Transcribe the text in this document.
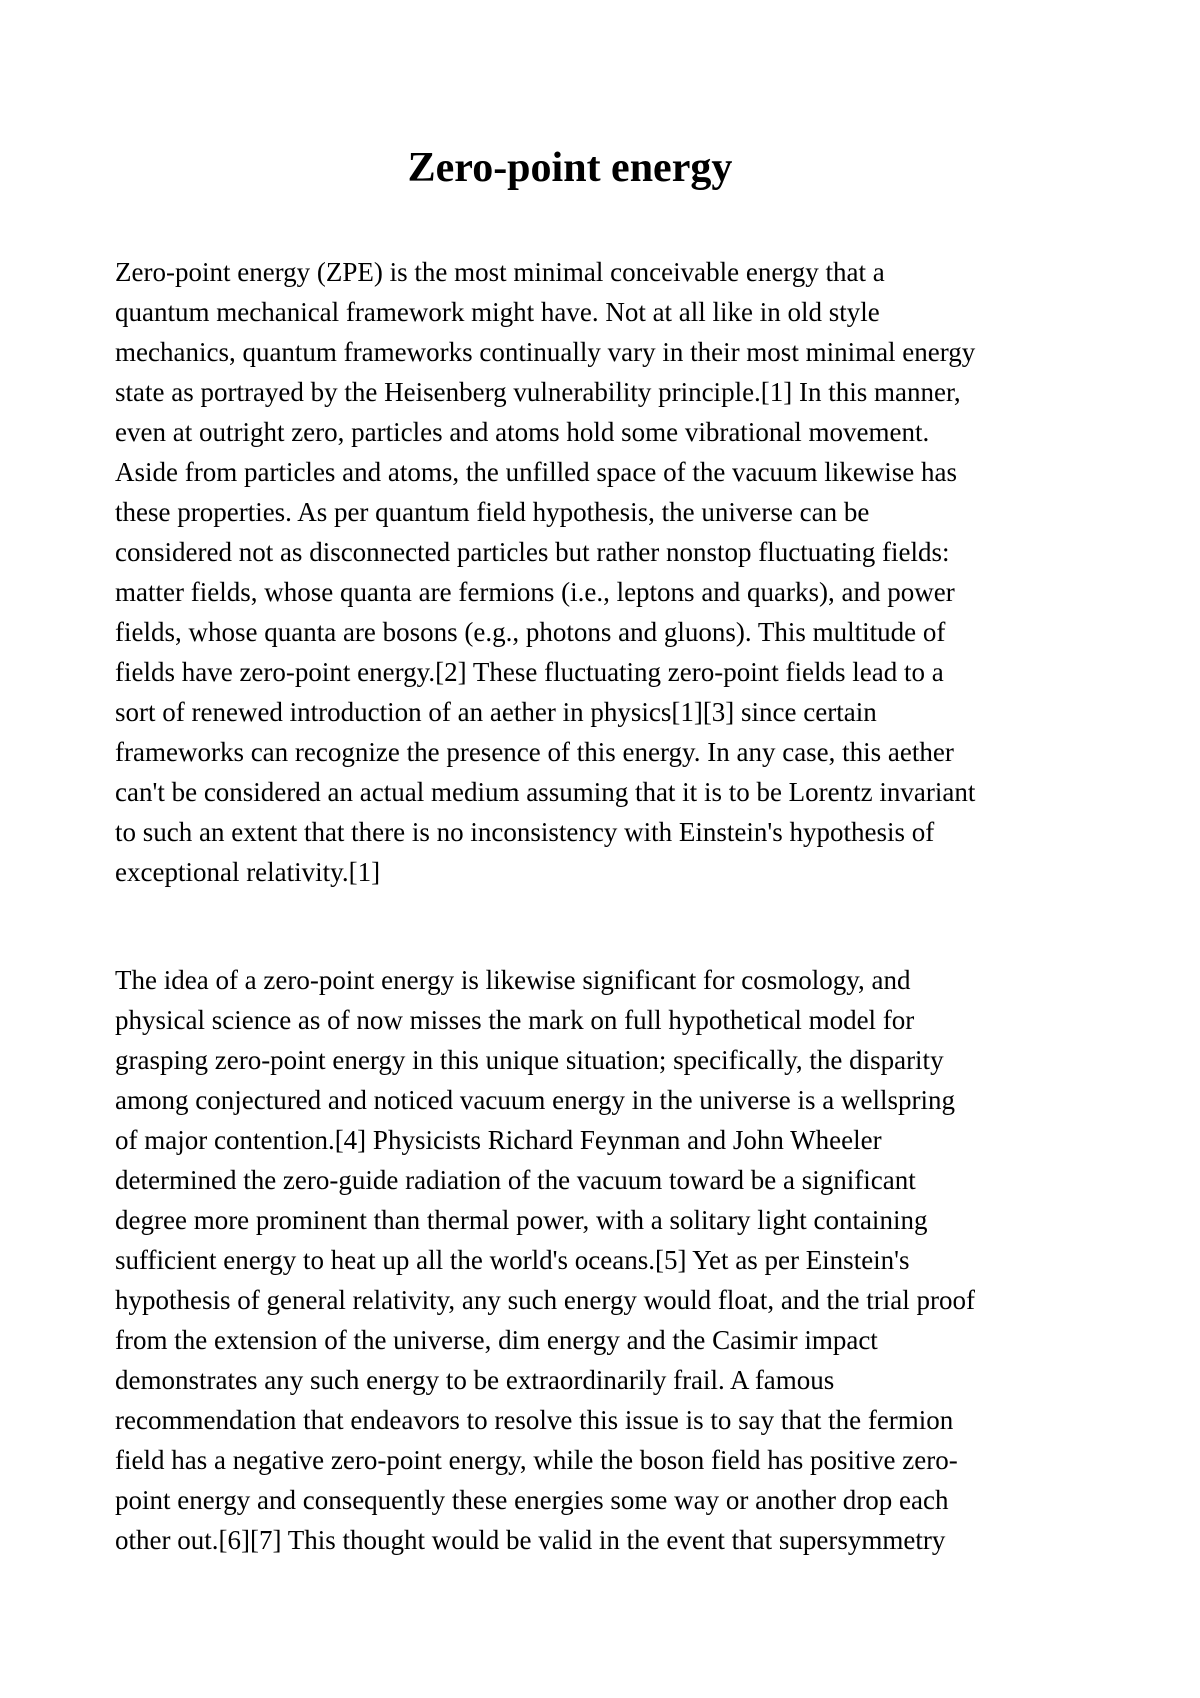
Zero-point energy

Zero-point energy (ZPE) is the most minimal conceivable energy that a
quantum mechanical framework might have. Not at all like in old style
mechanics, quantum frameworks continually vary in their most minimal energy
state as portrayed by the Heisenberg vulnerability principle.[1] In this manner,
even at outright zero, particles and atoms hold some vibrational movement.
Aside from particles and atoms, the unfilled space of the vacuum likewise has
these properties. As per quantum field hypothesis, the universe can be
considered not as disconnected particles but rather nonstop fluctuating fields:
matter fields, whose quanta are fermions (i.e., leptons and quarks), and power
fields, whose quanta are bosons (e.g., photons and gluons). This multitude of
fields have zero-point energy.[2] These fluctuating zero-point fields lead to a
sort of renewed introduction of an aether in physics[1][3] since certain
frameworks can recognize the presence of this energy. In any case, this aether
can't be considered an actual medium assuming that it is to be Lorentz invariant
to such an extent that there is no inconsistency with Einstein's hypothesis of
exceptional relativity.[1]

The idea of a zero-point energy is likewise significant for cosmology, and
physical science as of now misses the mark on full hypothetical model for
grasping zero-point energy in this unique situation; specifically, the disparity
among conjectured and noticed vacuum energy in the universe is a wellspring
of major contention.[4] Physicists Richard Feynman and John Wheeler
determined the zero-guide radiation of the vacuum toward be a significant
degree more prominent than thermal power, with a solitary light containing
sufficient energy to heat up all the world's oceans.[5] Yet as per Einstein's
hypothesis of general relativity, any such energy would float, and the trial proof
from the extension of the universe, dim energy and the Casimir impact
demonstrates any such energy to be extraordinarily frail. A famous
recommendation that endeavors to resolve this issue is to say that the fermion
field has a negative zero-point energy, while the boson field has positive zero-
point energy and consequently these energies some way or another drop each
other out.[6][7] This thought would be valid in the event that supersymmetry
